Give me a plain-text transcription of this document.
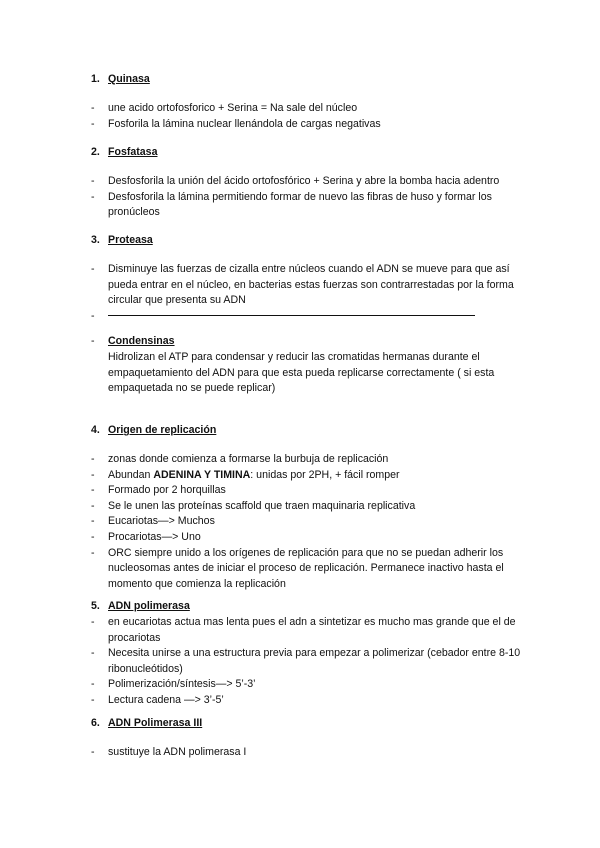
1. Quinasa
- une acido ortofosforico + Serina = Na sale del núcleo
- Fosforila la lámina nuclear llenándola de cargas negativas
2. Fosfatasa
- Desfosforila la unión del ácido ortofosfórico + Serina y abre la bomba hacia adentro
- Desfosforila la lámina permitiendo formar de nuevo las fibras de huso y formar los pronúcleos
3. Proteasa
- Disminuye las fuerzas de cizalla entre núcleos cuando el ADN se mueve para que así pueda entrar en el núcleo, en bacterias estas fuerzas son contrarrestadas por la forma circular que presenta su ADN
-
- Condensinas
Hidrolizan el ATP para condensar y reducir las cromatidas hermanas durante el empaquetamiento del ADN para que esta pueda replicarse correctamente ( si esta empaquetada no se puede replicar)
4. Origen de replicación
- zonas donde comienza a formarse la burbuja de replicación
- Abundan ADENINA Y TIMINA: unidas por 2PH, + fácil romper
- Formado por 2 horquillas
- Se le unen las proteínas scaffold que traen maquinaria replicativa
- Eucariotas—> Muchos
- Procariotas—> Uno
- ORC siempre unido a los orígenes de replicación para que no se puedan adherir los nucleosomas antes de iniciar el proceso de replicación. Permanece inactivo hasta el momento que comienza la replicación
5. ADN polimerasa
- en eucariotas actua mas lenta pues el adn a sintetizar es mucho mas grande que el de procariotas
- Necesita unirse a una estructura previa para empezar a polimerizar (cebador entre 8-10 ribonucleótidos)
- Polimerización/síntesis—> 5’-3’
- Lectura cadena —> 3’-5’
6. ADN Polimerasa III
- sustituye la ADN polimerasa I
